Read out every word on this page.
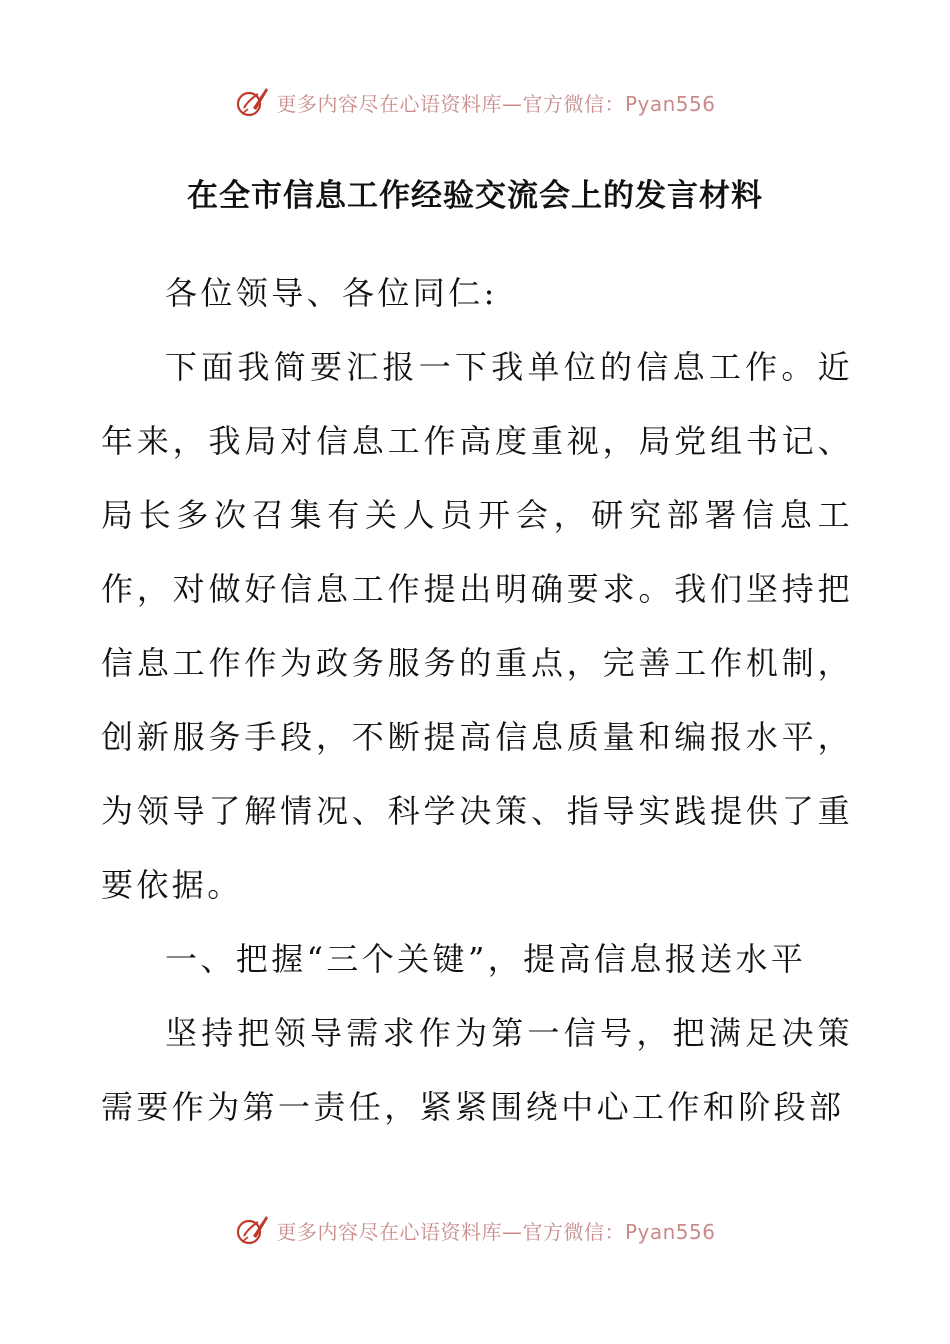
更多内容尽在心语资料库—官方微信：Pyan556
在全市信息工作经验交流会上的发言材料

各位领导、各位同仁:

下面我简要汇报一下我单位的信息工作。近年来，我局对信息工作高度重视，局党组书记、局长多次召集有关人员开会，研究部署信息工作，对做好信息工作提出明确要求。我们坚持把信息工作作为政务服务的重点，完善工作机制，创新服务手段，不断提高信息质量和编报水平，为领导了解情况、科学决策、指导实践提供了重要依据。

一、把握“三个关键”，提高信息报送水平

坚持把领导需求作为第一信号，把满足决策需要作为第一责任，紧紧围绕中心工作和阶段部

更多内容尽在心语资料库—官方微信：Pyan556
